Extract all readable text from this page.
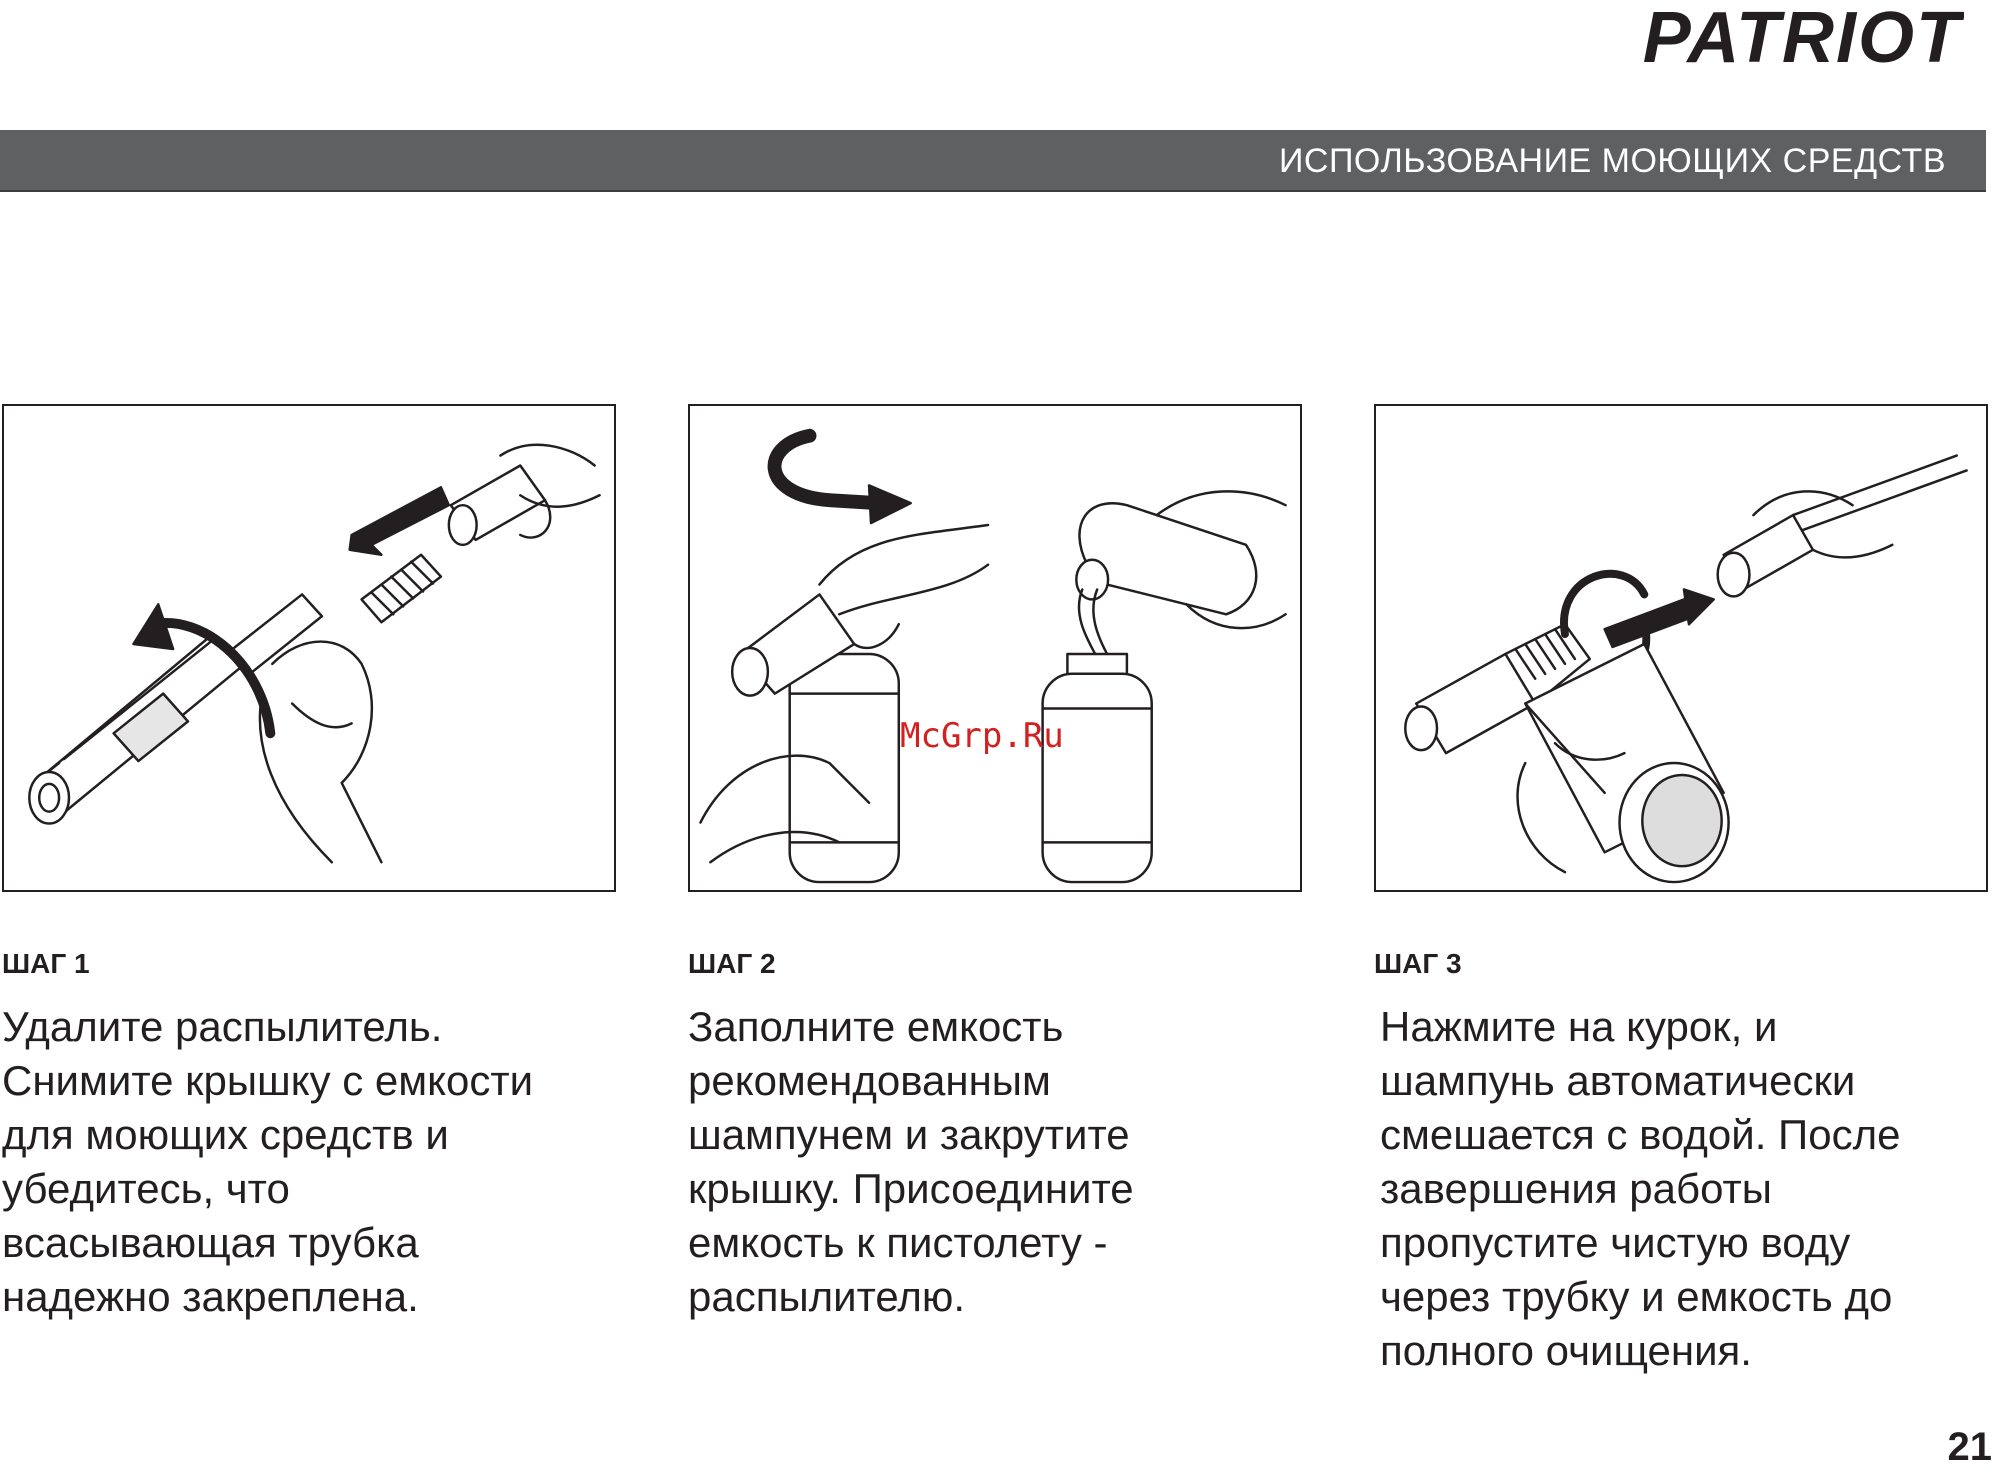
PATRIOT
ИСПОЛЬЗОВАНИЕ МОЮЩИХ СРЕДСТВ
ШАГ 1	ШАГ 2	ШАГ 3
Удалите распылитель.
Снимите крышку с емкости
для моющих средств и
убедитесь, что
всасывающая трубка
надежно закреплена.
Заполните емкость
рекомендованным
шампунем и закрутите
крышку. Присоедините
емкость к пистолету -
распылителю.
Нажмите на курок, и
шампунь автоматически
смешается с водой. После
завершения работы
пропустите чистую воду
через трубку и емкость до
полного очищения.
McGrp.Ru
21
